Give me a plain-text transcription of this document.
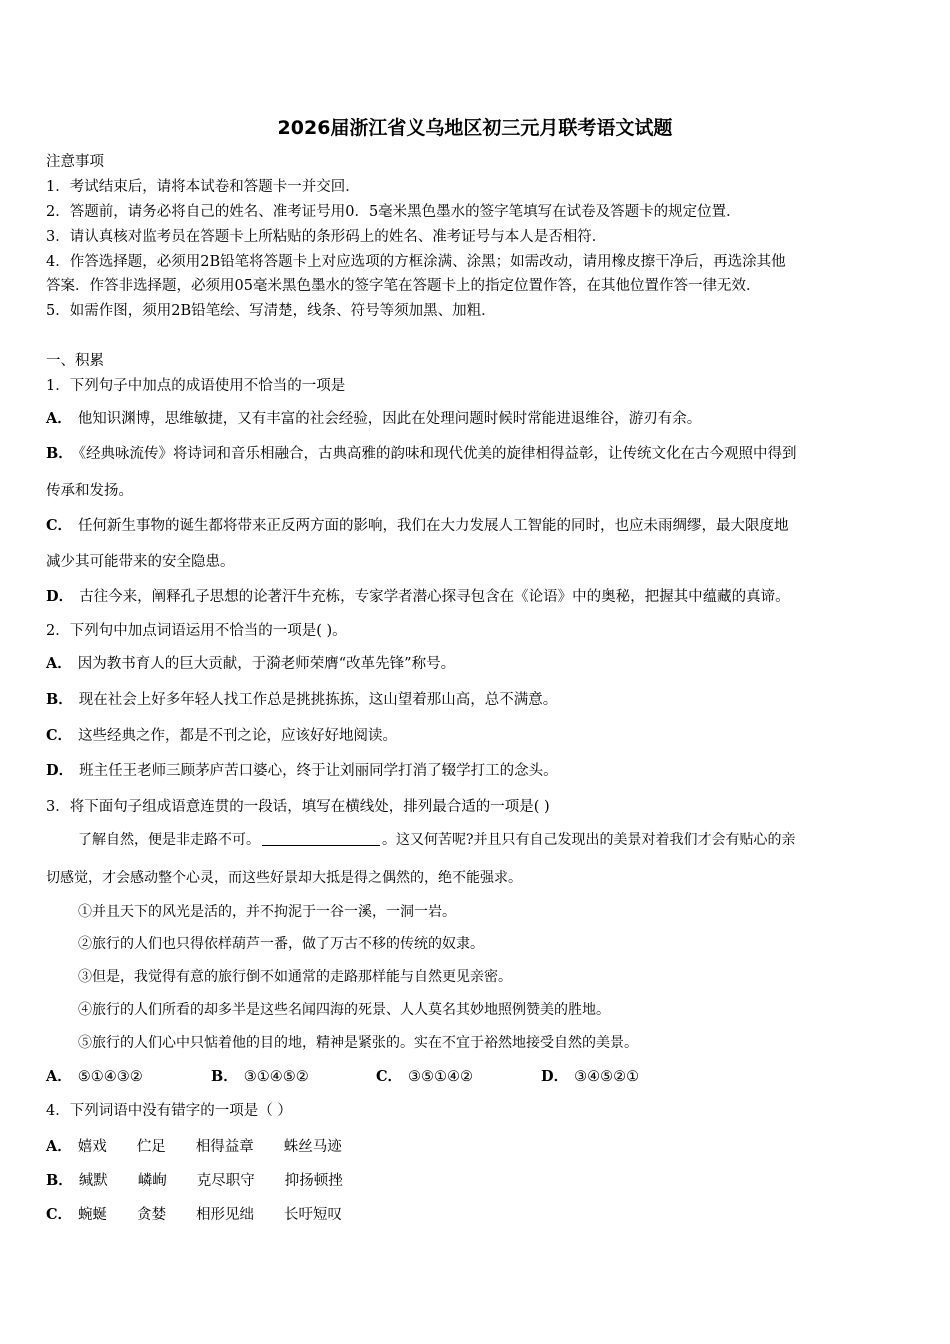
2026届浙江省义乌地区初三元月联考语文试题
注意事项
1．考试结束后，请将本试卷和答题卡一并交回．
2．答题前，请务必将自己的姓名、准考证号用0．5毫米黑色墨水的签字笔填写在试卷及答题卡的规定位置．
3．请认真核对监考员在答题卡上所粘贴的条形码上的姓名、准考证号与本人是否相符．
4．作答选择题，必须用2B铅笔将答题卡上对应选项的方框涂满、涂黑；如需改动，请用橡皮擦干净后，再选涂其他
答案．作答非选择题，必须用05毫米黑色墨水的签字笔在答题卡上的指定位置作答，在其他位置作答一律无效．
5．如需作图，须用2B铅笔绘、写清楚，线条、符号等须加黑、加粗．
一、积累
1．下列句子中加点的成语使用不恰当的一项是
A． 他知识渊博，思维敏捷，又有丰富的社会经验，因此在处理问题时候时常能进退维谷，游刃有余。
B． 《经典咏流传》将诗词和音乐相融合，古典高雅的韵味和现代优美的旋律相得益彰，让传统文化在古今观照中得到
传承和发扬。
C． 任何新生事物的诞生都将带来正反两方面的影响，我们在大力发展人工智能的同时，也应未雨绸缪，最大限度地
减少其可能带来的安全隐患。
D． 古往今来，阐释孔子思想的论著汗牛充栋，专家学者潜心探寻包含在《论语》中的奥秘，把握其中蕴藏的真谛。
2．下列句中加点词语运用不恰当的一项是( )。
A． 因为教书育人的巨大贡献，于漪老师荣膺“改革先锋”称号。
B． 现在社会上好多年轻人找工作总是挑挑拣拣，这山望着那山高，总不满意。
C． 这些经典之作，都是不刊之论，应该好好地阅读。
D． 班主任王老师三顾茅庐苦口婆心，终于让刘丽同学打消了辍学打工的念头。
3．将下面句子组成语意连贯的一段话，填写在横线处，排列最合适的一项是( )
了解自然，便是非走路不可。	。这又何苦呢?并且只有自己发现出的美景对着我们才会有贴心的亲
切感觉，才会感动整个心灵，而这些好景却大抵是得之偶然的，绝不能强求。
①并且天下的风光是活的，并不拘泥于一谷一溪，一洞一岩。
②旅行的人们也只得依样葫芦一番，做了万古不移的传统的奴隶。
③但是，我觉得有意的旅行倒不如通常的走路那样能与自然更见亲密。
④旅行的人们所看的却多半是这些名闻四海的死景、人人莫名其妙地照例赞美的胜地。
⑤旅行的人们心中只惦着他的目的地，精神是紧张的。实在不宜于裕然地接受自然的美景。
A． ⑤①④③②	B． ③①④⑤②	C． ③⑤①④②	D． ③④⑤②①
4．下列词语中没有错字的一项是（ ）
A． 嬉戏 伫足 相得益章 蛛丝马迹
B． 缄默 嶙峋 克尽职守 抑扬顿挫
C． 蜿蜒 贪婪 相形见绌 长吁短叹
